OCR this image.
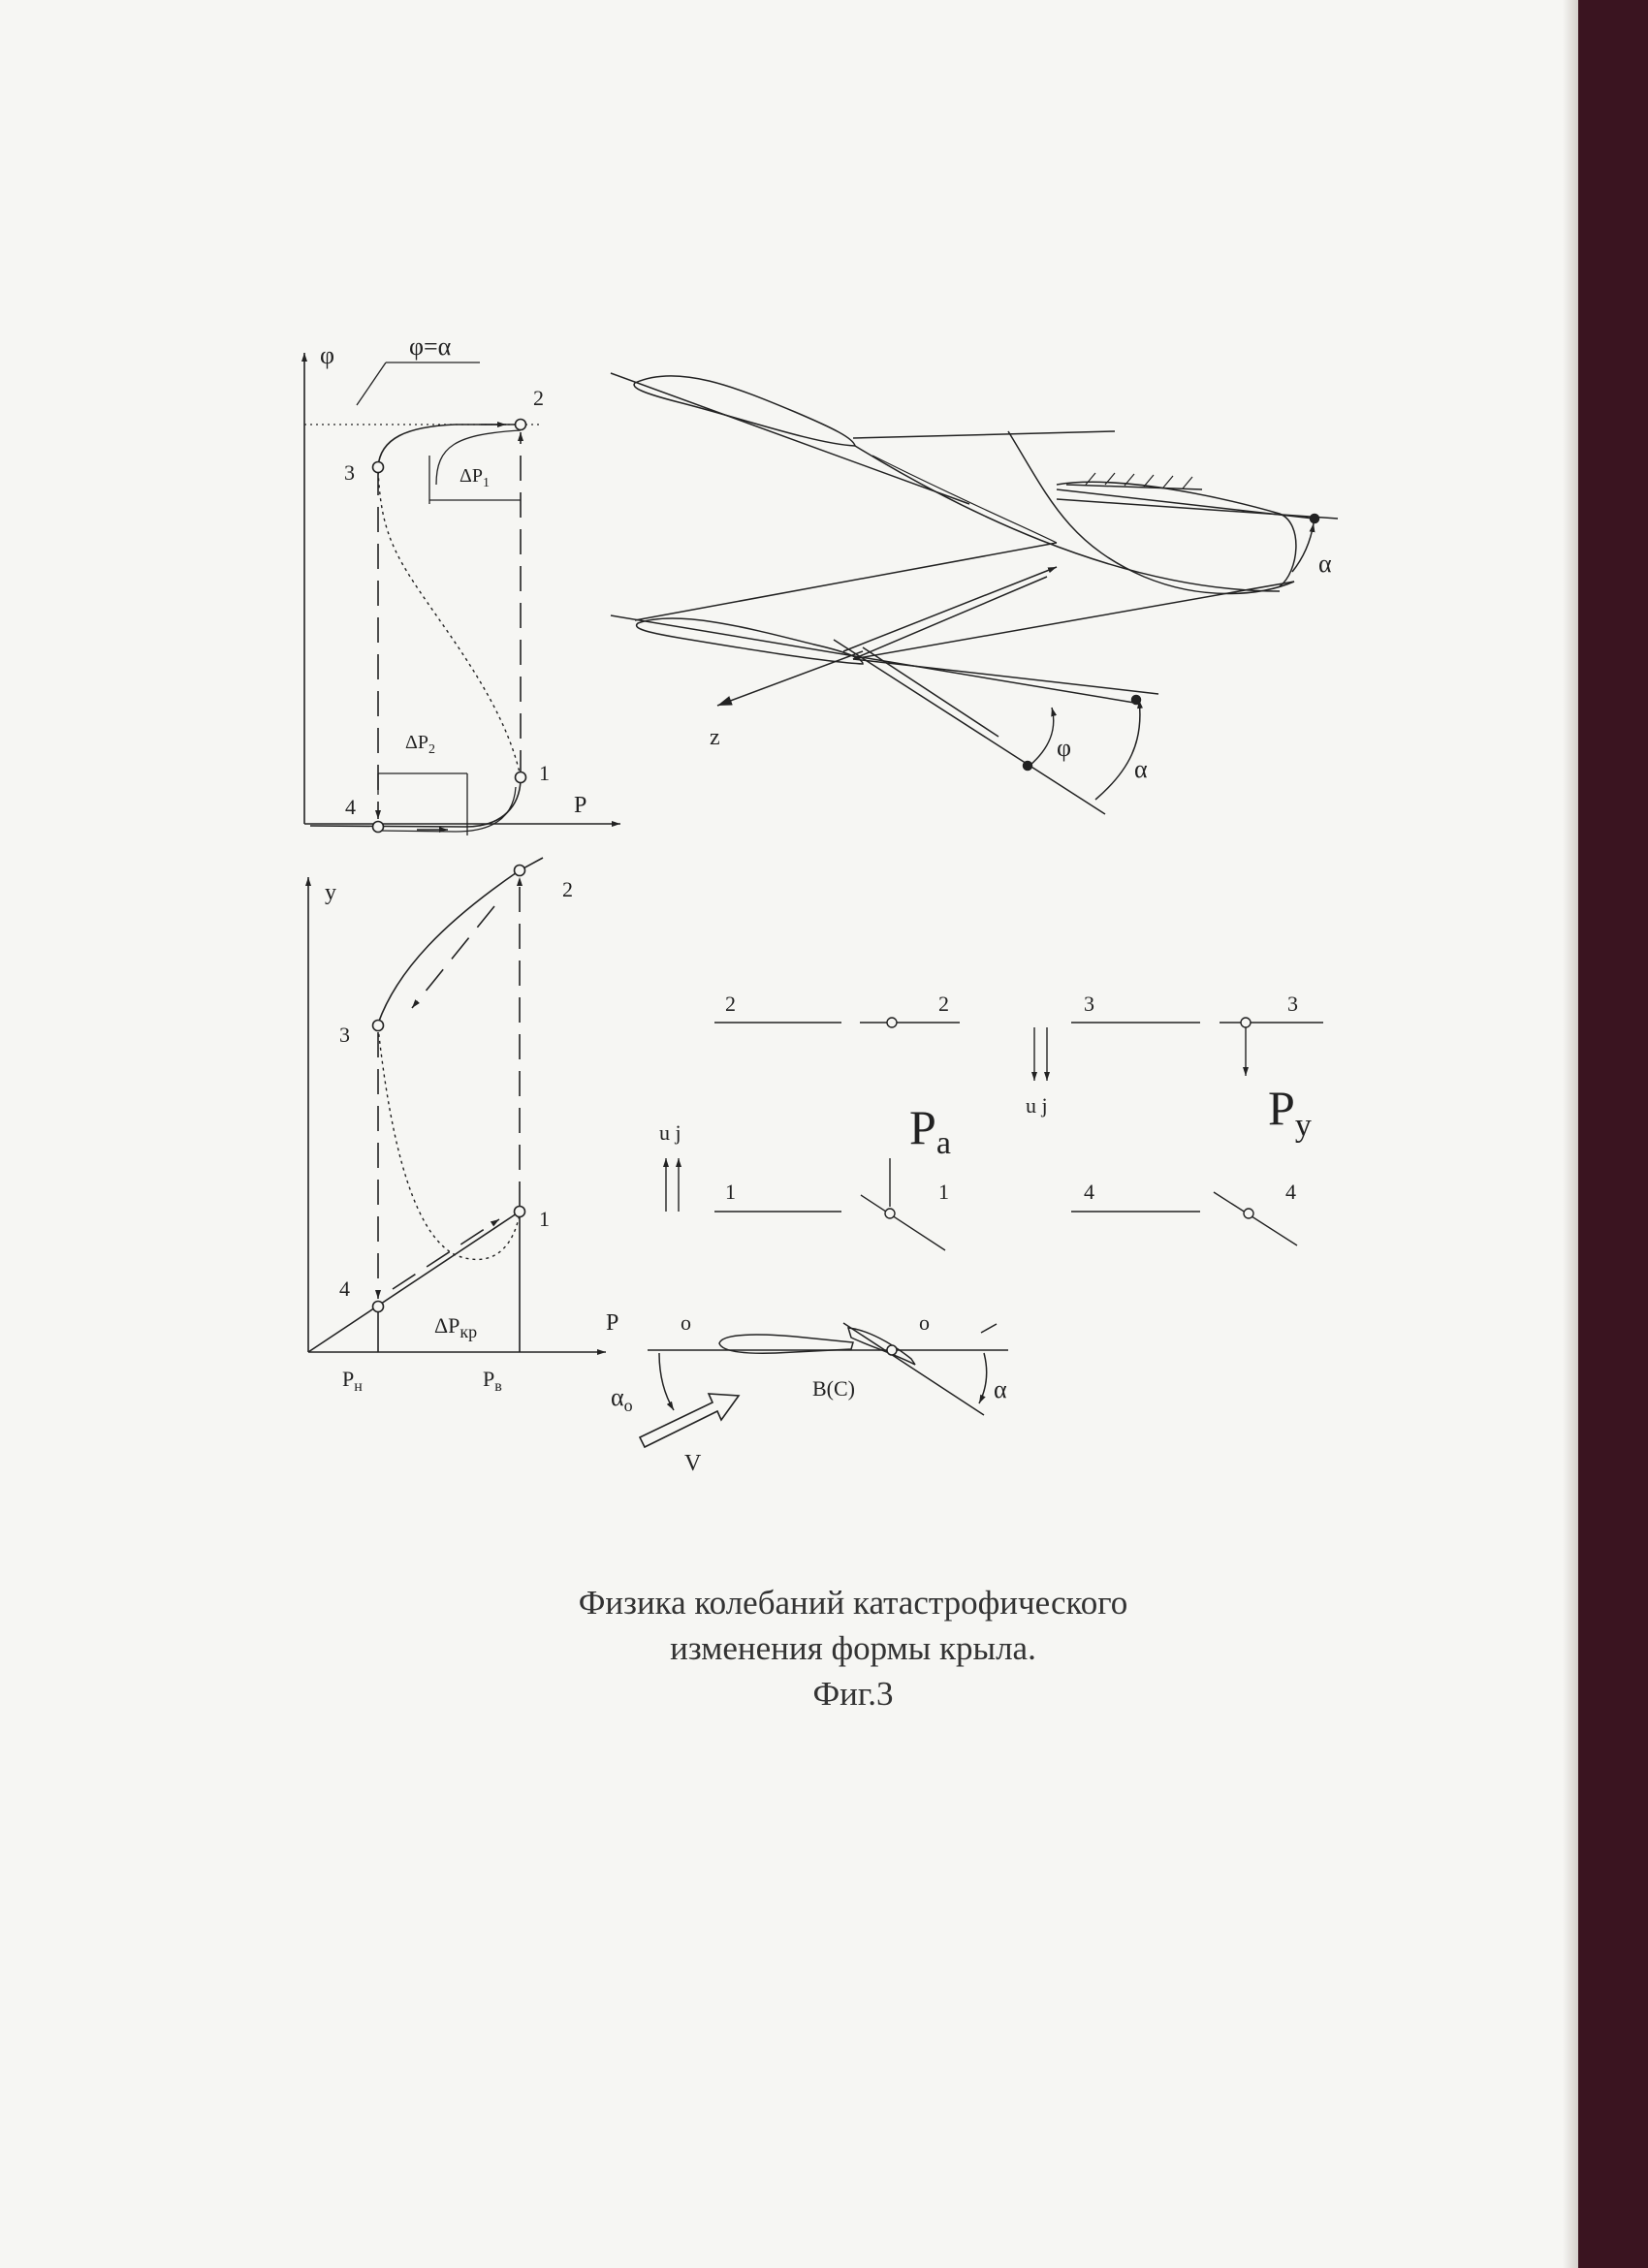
φ
P
φ=α
2
3
1
4
$\Delta P_1$
$\Delta P_2$	z	φ
α
α
y
P
2
3
1
4
$\Delta P_{кр}$
$P_н$	$P_в$
2	2
1	1
u j	$P_a$
3	3
4	4
u j	$P_y$
o	o
$\alpha_o$
V
B(C)	α
Физика колебаний катастрофического
изменения формы крыла.
Фиг.3
